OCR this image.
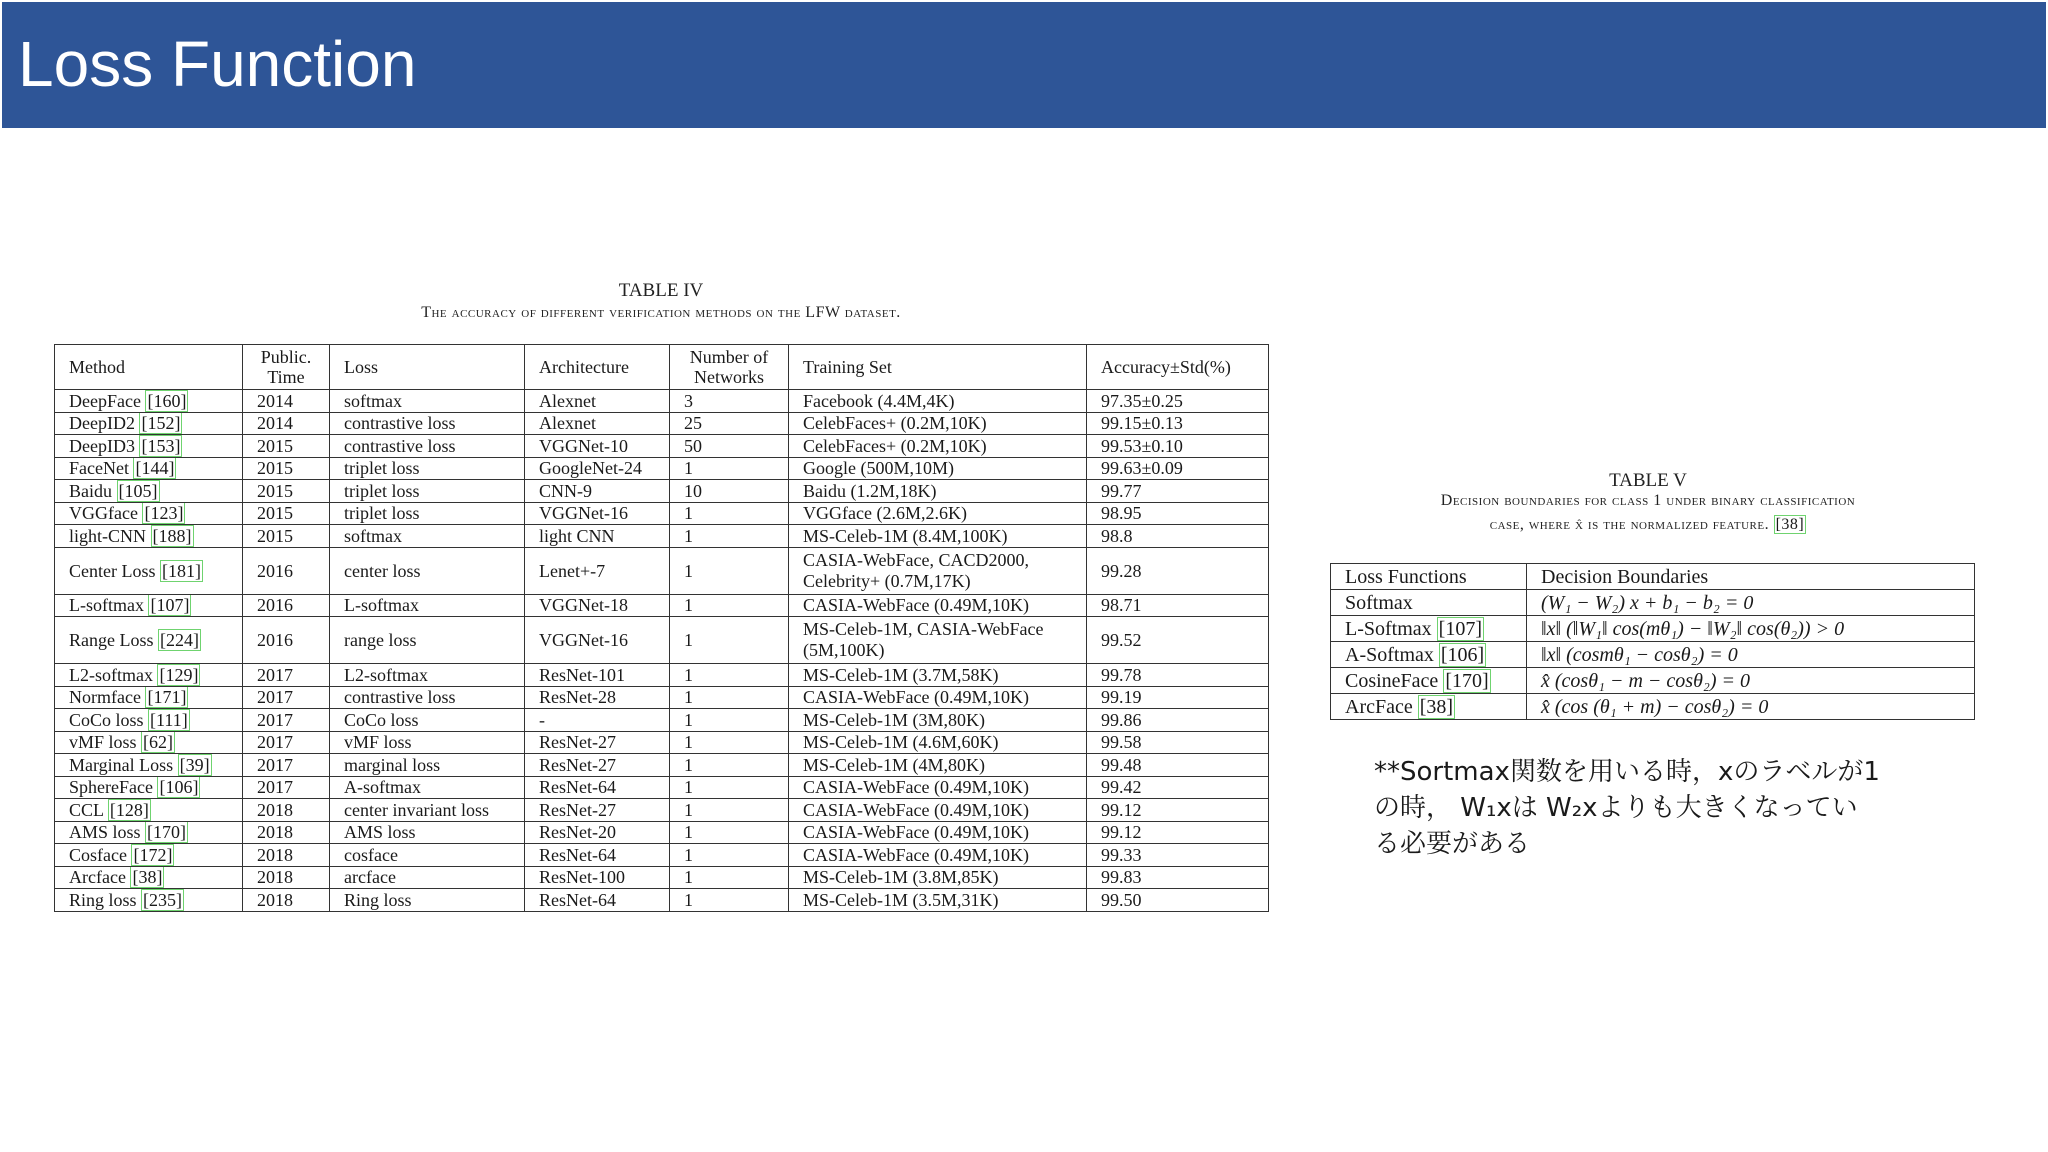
Loss Function
TABLE IV
The accuracy of different verification methods on the LFW dataset.
Method	Public. Time	Loss	Architecture	Number of Networks	Training Set	Accuracy±Std(%)
DeepFace [160]	2014	softmax	Alexnet	3	Facebook (4.4M,4K)	97.35±0.25
DeepID2 [152]	2014	contrastive loss	Alexnet	25	CelebFaces+ (0.2M,10K)	99.15±0.13
DeepID3 [153]	2015	contrastive loss	VGGNet-10	50	CelebFaces+ (0.2M,10K)	99.53±0.10
FaceNet [144]	2015	triplet loss	GoogleNet-24	1	Google (500M,10M)	99.63±0.09
Baidu [105]	2015	triplet loss	CNN-9	10	Baidu (1.2M,18K)	99.77
VGGface [123]	2015	triplet loss	VGGNet-16	1	VGGface (2.6M,2.6K)	98.95
light-CNN [188]	2015	softmax	light CNN	1	MS-Celeb-1M (8.4M,100K)	98.8
Center Loss [181]	2016	center loss	Lenet+-7	1	CASIA-WebFace, CACD2000, Celebrity+ (0.7M,17K)	99.28
L-softmax [107]	2016	L-softmax	VGGNet-18	1	CASIA-WebFace (0.49M,10K)	98.71
Range Loss [224]	2016	range loss	VGGNet-16	1	MS-Celeb-1M, CASIA-WebFace (5M,100K)	99.52
L2-softmax [129]	2017	L2-softmax	ResNet-101	1	MS-Celeb-1M (3.7M,58K)	99.78
Normface [171]	2017	contrastive loss	ResNet-28	1	CASIA-WebFace (0.49M,10K)	99.19
CoCo loss [111]	2017	CoCo loss	-	1	MS-Celeb-1M (3M,80K)	99.86
vMF loss [62]	2017	vMF loss	ResNet-27	1	MS-Celeb-1M (4.6M,60K)	99.58
Marginal Loss [39]	2017	marginal loss	ResNet-27	1	MS-Celeb-1M (4M,80K)	99.48
SphereFace [106]	2017	A-softmax	ResNet-64	1	CASIA-WebFace (0.49M,10K)	99.42
CCL [128]	2018	center invariant loss	ResNet-27	1	CASIA-WebFace (0.49M,10K)	99.12
AMS loss [170]	2018	AMS loss	ResNet-20	1	CASIA-WebFace (0.49M,10K)	99.12
Cosface [172]	2018	cosface	ResNet-64	1	CASIA-WebFace (0.49M,10K)	99.33
Arcface [38]	2018	arcface	ResNet-100	1	MS-Celeb-1M (3.8M,85K)	99.83
Ring loss [235]	2018	Ring loss	ResNet-64	1	MS-Celeb-1M (3.5M,31K)	99.50
TABLE V
Decision boundaries for class 1 under binary classification
case, where x̂ is the normalized feature. [38]
Loss Functions	Decision Boundaries
Softmax	(W₁ − W₂) x + b₁ − b₂ = 0
L-Softmax [107]	‖x‖ (‖W₁‖ cos(mθ₁) − ‖W₂‖ cos(θ₂)) > 0
A-Softmax [106]	‖x‖ (cosmθ₁ − cosθ₂) = 0
CosineFace [170]	x̂ (cosθ₁ − m − cosθ₂) = 0
ArcFace [38]	x̂ (cos (θ₁ + m) − cosθ₂) = 0
**Sortmax関数を用いる時，xのラベルが1
の時， W₁xは W₂xよりも大きくなってい
る必要がある
